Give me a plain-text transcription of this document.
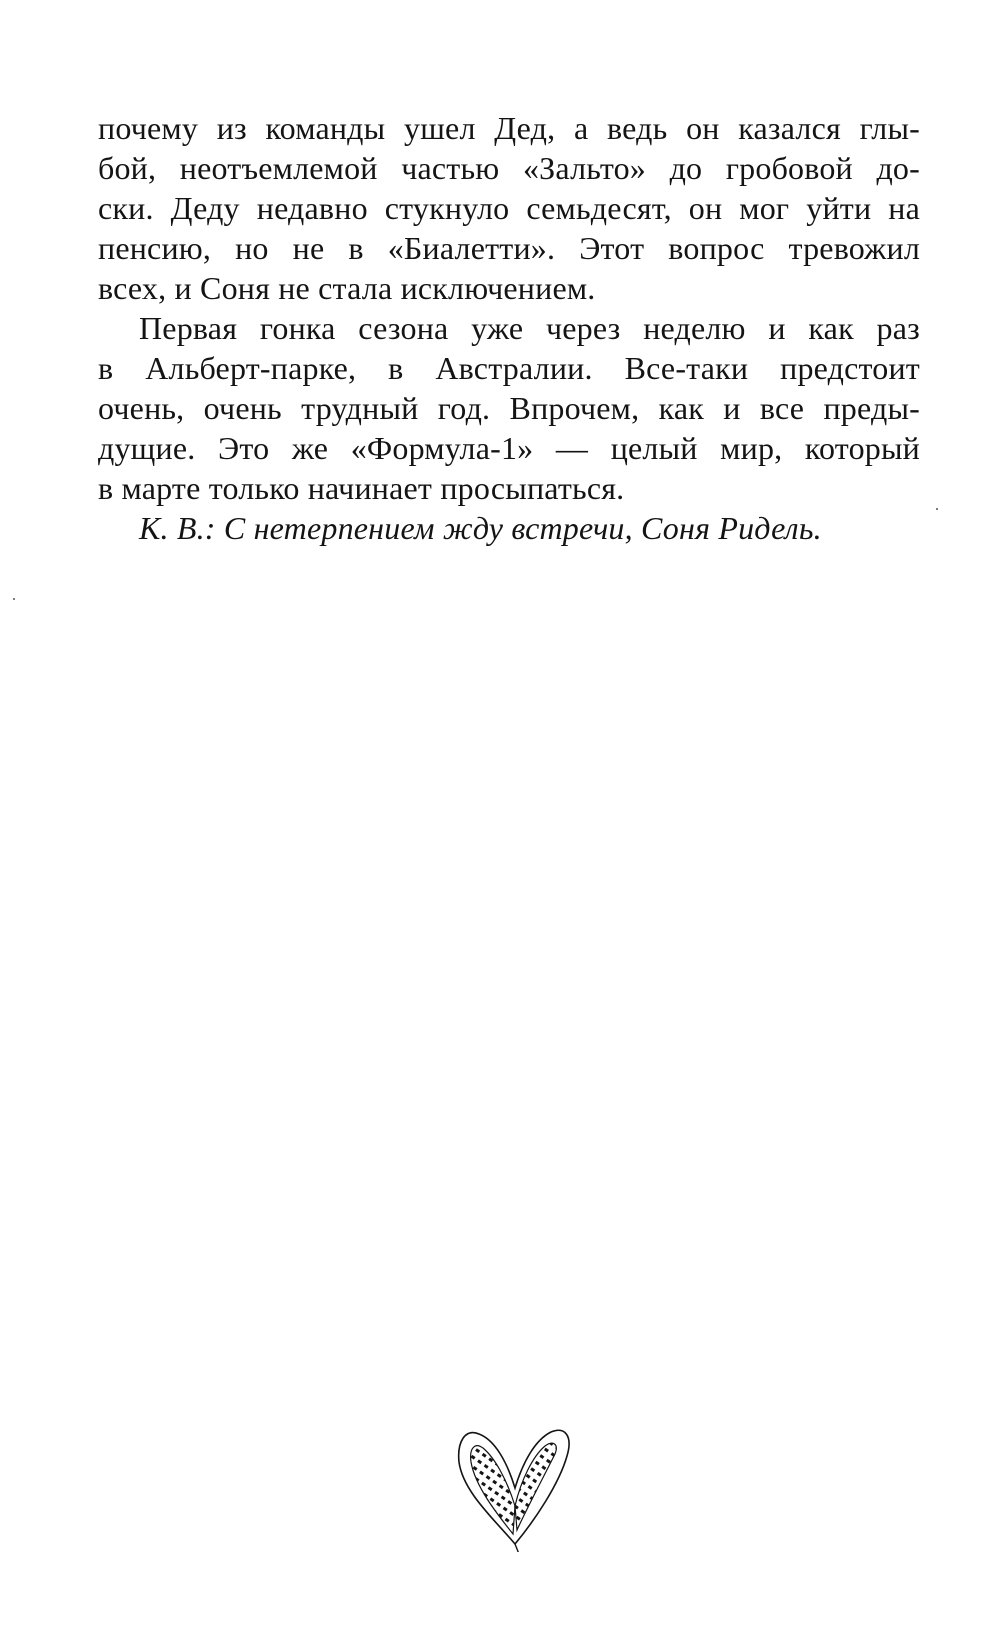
почему из команды ушел Дед, а ведь он казался глы-
бой, неотъемлемой частью «Зальто» до гробовой до-
ски. Деду недавно стукнуло семьдесят, он мог уйти на
пенсию, но не в «Биалетти». Этот вопрос тревожил
всех, и Соня не стала исключением.
Первая гонка сезона уже через неделю и как раз
в Альберт-парке, в Австралии. Все-таки предстоит
очень, очень трудный год. Впрочем, как и все преды-
дущие. Это же «Формула-1» — целый мир, который
в марте только начинает просыпаться.
К. В.: С нетерпением жду встречи, Соня Ридель.
